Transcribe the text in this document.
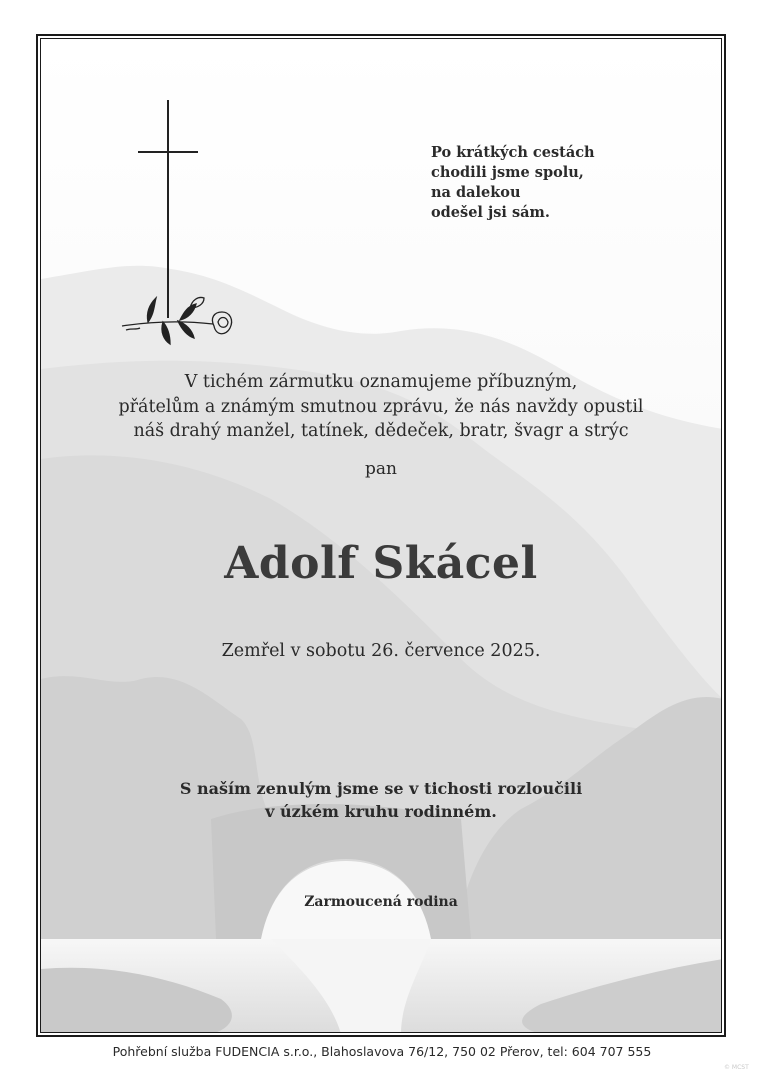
Po krátkých cestách
chodili jsme spolu,
na dalekou
odešel jsi sám.
V tichém zármutku oznamujeme příbuzným,
přátelům a známým smutnou zprávu, že nás navždy opustil
náš drahý manžel, tatínek, dědeček, bratr, švagr a strýc
pan
Adolf Skácel
Zemřel v sobotu 26. července 2025.
S naším zenulým jsme se v tichosti rozloučili
v úzkém kruhu rodinném.
Zarmoucená rodina
Pohřební služba FUDENCIA s.r.o., Blahoslavova 76/12, 750 02 Přerov, tel: 604 707 555
© MCST
